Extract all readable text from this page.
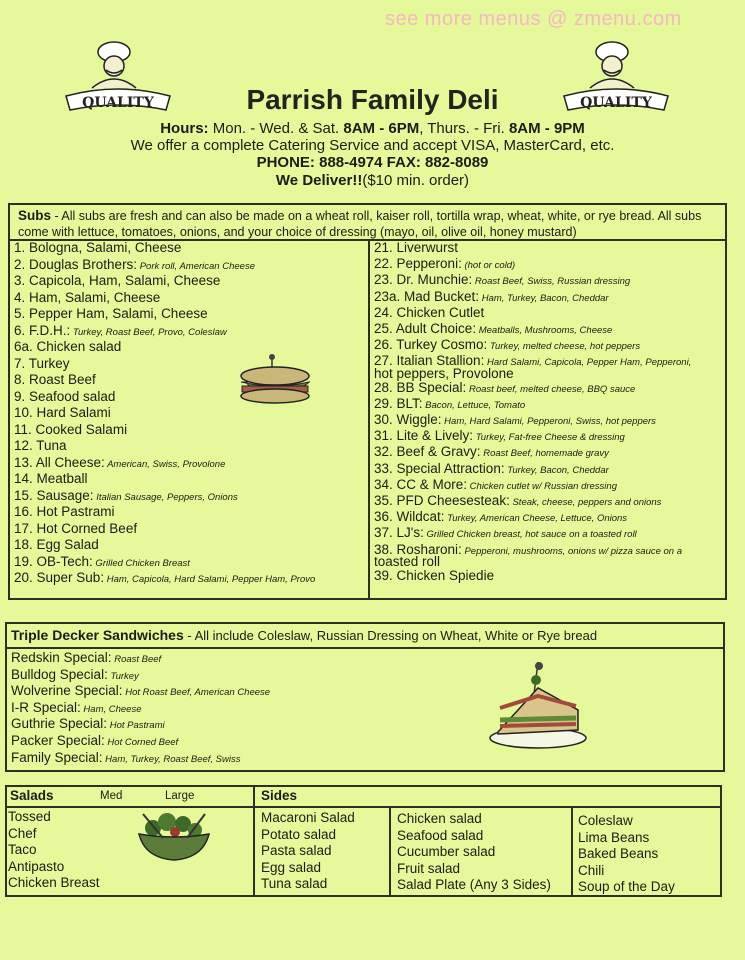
see more menus @ zmenu.com
QUALITY	QUALITY
Parrish Family Deli
Hours: Mon. - Wed. & Sat. 8AM - 6PM, Thurs. - Fri. 8AM - 9PM
We offer a complete Catering Service and accept VISA, MasterCard, etc.
PHONE: 888-4974 FAX: 882-8089
We Deliver!!($10 min. order)
Subs - All subs are fresh and can also be made on a wheat roll, kaiser roll, tortilla wrap, wheat, white, or rye bread. All subs come with lettuce, tomatoes, onions, and your choice of dressing (mayo, oil, olive oil, honey mustard)
1. Bologna, Salami, Cheese
2. Douglas Brothers: Pork roll, American Cheese
3. Capicola, Ham, Salami, Cheese
4. Ham, Salami, Cheese
5. Pepper Ham, Salami, Cheese
6. F.D.H.: Turkey, Roast Beef, Provo, Coleslaw
6a. Chicken salad
7. Turkey
8. Roast Beef
9. Seafood salad
10. Hard Salami
11. Cooked Salami
12. Tuna
13. All Cheese: American, Swiss, Provolone
14. Meatball
15. Sausage: Italian Sausage, Peppers, Onions
16. Hot Pastrami
17. Hot Corned Beef
18. Egg Salad
19. OB-Tech: Grilled Chicken Breast
20. Super Sub: Ham, Capicola, Hard Salami, Pepper Ham, Provo
21. Liverwurst
22. Pepperoni: (hot or cold)
23. Dr. Munchie: Roast Beef, Swiss, Russian dressing
23a. Mad Bucket: Ham, Turkey, Bacon, Cheddar
24. Chicken Cutlet
25. Adult Choice: Meatballs, Mushrooms, Cheese
26. Turkey Cosmo: Turkey, melted cheese, hot peppers
27. Italian Stallion: Hard Salami, Capicola, Pepper Ham, Pepperoni,
hot peppers, Provolone
28. BB Special: Roast beef, melted cheese, BBQ sauce
29. BLT: Bacon, Lettuce, Tomato
30. Wiggle: Ham, Hard Salami, Pepperoni, Swiss, hot peppers
31. Lite & Lively: Turkey, Fat-free Cheese & dressing
32. Beef & Gravy: Roast Beef, homemade gravy
33. Special Attraction: Turkey, Bacon, Cheddar
34. CC & More: Chicken cutlet w/ Russian dressing
35. PFD Cheesesteak: Steak, cheese, peppers and onions
36. Wildcat: Turkey, American Cheese, Lettuce, Onions
37. LJ's: Grilled Chicken breast, hot sauce on a toasted roll
38. Rosharoni: Pepperoni, mushrooms, onions w/ pizza sauce on a
toasted roll
39. Chicken Spiedie
Triple Decker Sandwiches - All include Coleslaw, Russian Dressing on Wheat, White or Rye bread
Redskin Special: Roast Beef
Bulldog Special: Turkey
Wolverine Special: Hot Roast Beef, American Cheese
I-R Special: Ham, Cheese
Guthrie Special: Hot Pastrami
Packer Special: Hot Corned Beef
Family Special: Ham, Turkey, Roast Beef, Swiss
Salads	Med	Large	Sides
Tossed
Chef
Taco
Antipasto
Chicken Breast
Macaroni Salad
Potato salad
Pasta salad
Egg salad
Tuna salad
Chicken salad
Seafood salad
Cucumber salad
Fruit salad
Salad Plate (Any 3 Sides)
Coleslaw
Lima Beans
Baked Beans
Chili
Soup of the Day
